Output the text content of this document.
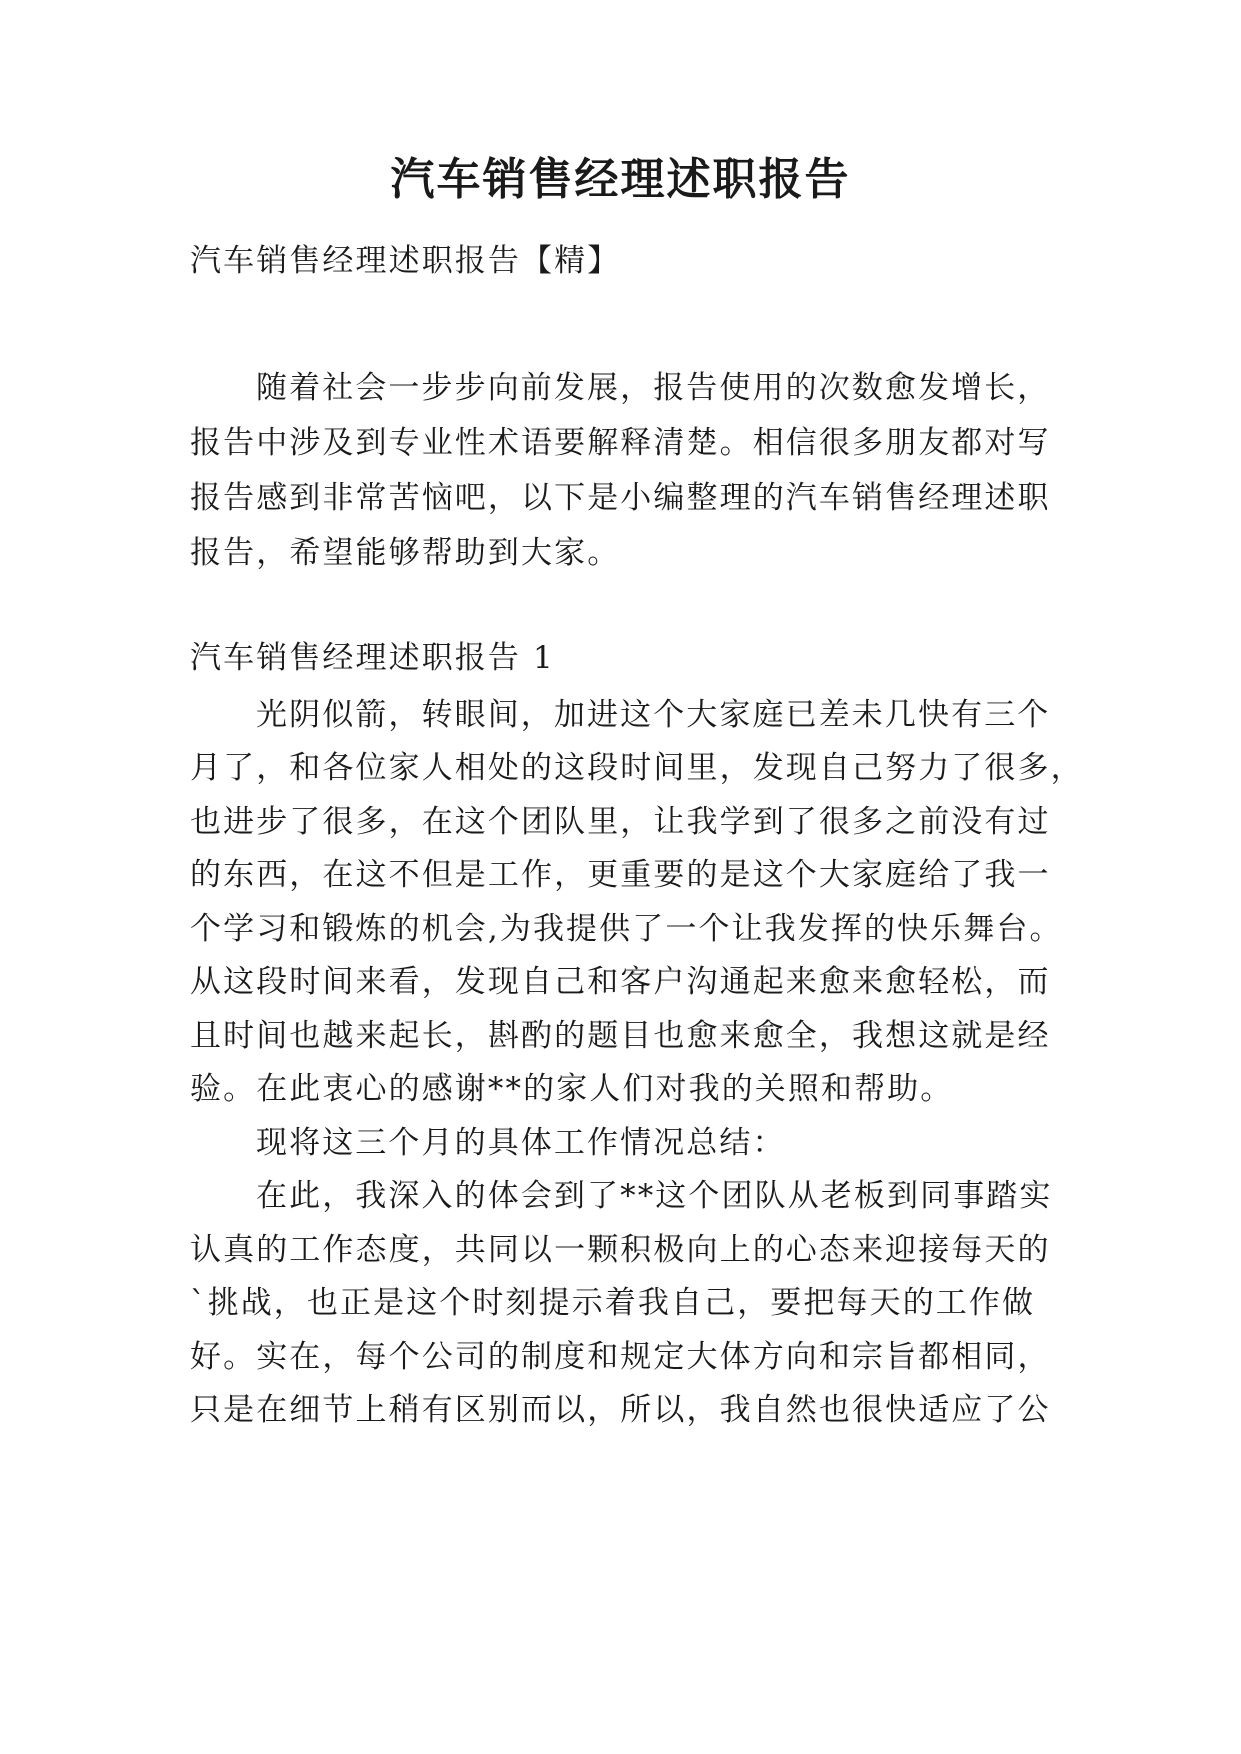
汽车销售经理述职报告

汽车销售经理述职报告【精】

随着社会一步步向前发展，报告使用的次数愈发增长，

报告中涉及到专业性术语要解释清楚。相信很多朋友都对写

报告感到非常苦恼吧，以下是小编整理的汽车销售经理述职

报告，希望能够帮助到大家。

汽车销售经理述职报告 1

光阴似箭，转眼间，加进这个大家庭已差未几快有三个

月了，和各位家人相处的这段时间里，发现自己努力了很多，

也进步了很多，在这个团队里，让我学到了很多之前没有过

的东西，在这不但是工作，更重要的是这个大家庭给了我一

个学习和锻炼的机会,为我提供了一个让我发挥的快乐舞台。

从这段时间来看，发现自己和客户沟通起来愈来愈轻松，而

且时间也越来起长，斟酌的题目也愈来愈全，我想这就是经

验。在此衷心的感谢**的家人们对我的关照和帮助。

现将这三个月的具体工作情况总结：

在此，我深入的体会到了**这个团队从老板到同事踏实

认真的工作态度，共同以一颗积极向上的心态来迎接每天的

`挑战，也正是这个时刻提示着我自己，要把每天的工作做

好。实在，每个公司的制度和规定大体方向和宗旨都相同，

只是在细节上稍有区别而以，所以，我自然也很快适应了公
